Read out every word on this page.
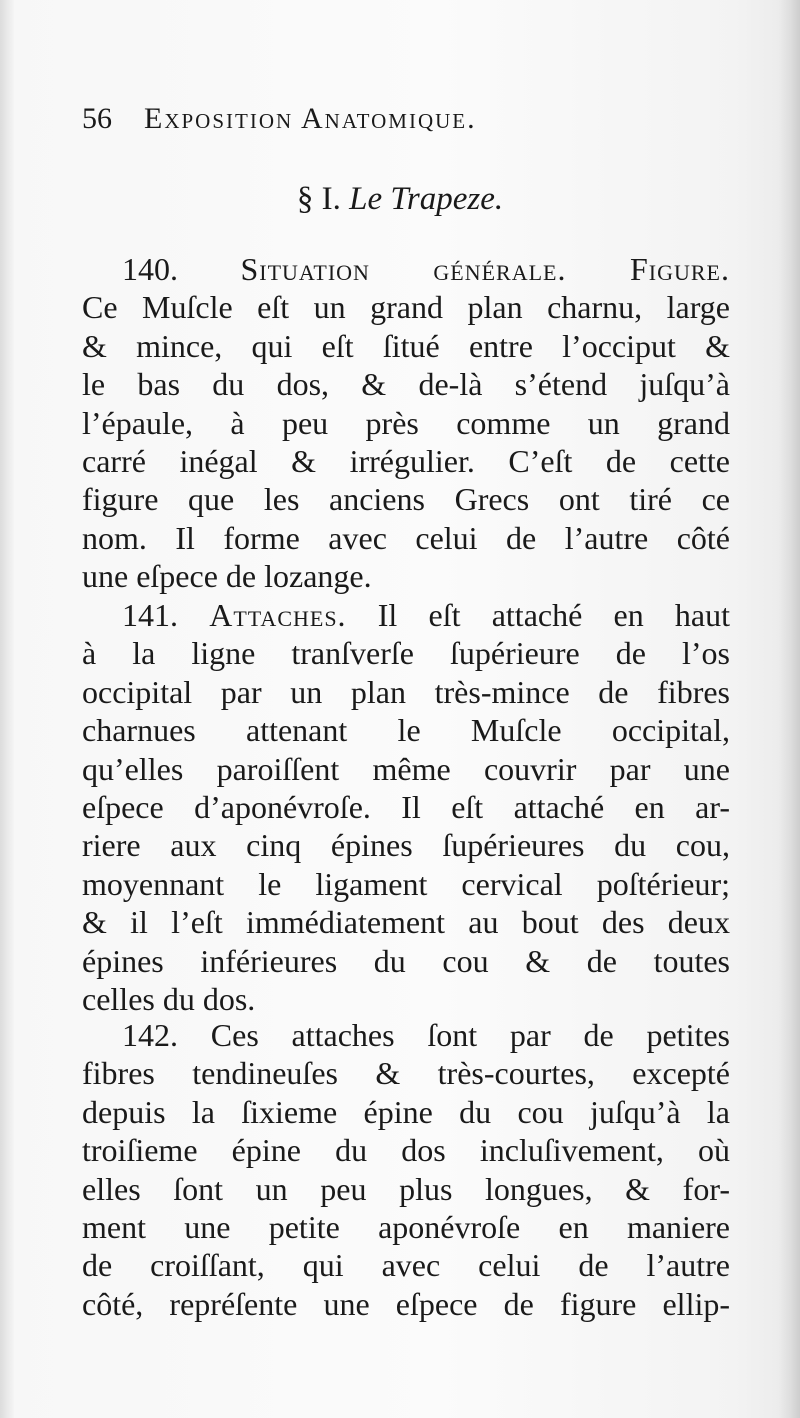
56 Exposition Anatomique.
§ I. Le Trapeze.
140. Situation générale. Figure.
Ce Muſcle eſt un grand plan charnu, large
& mince, qui eſt ſitué entre l’occiput &
le bas du dos, & de-là s’étend juſqu’à
l’épaule, à peu près comme un grand
carré inégal & irrégulier. C’eſt de cette
figure que les anciens Grecs ont tiré ce
nom. Il forme avec celui de l’autre côté
une eſpece de lozange.
141. Attaches. Il eſt attaché en haut
à la ligne tranſverſe ſupérieure de l’os
occipital par un plan très-mince de fibres
charnues attenant le Muſcle occipital,
qu’elles paroiſſent même couvrir par une
eſpece d’aponévroſe. Il eſt attaché en ar-
riere aux cinq épines ſupérieures du cou,
moyennant le ligament cervical poſtérieur;
& il l’eſt immédiatement au bout des deux
épines inférieures du cou & de toutes
celles du dos.
142. Ces attaches ſont par de petites
fibres tendineuſes & très-courtes, excepté
depuis la ſixieme épine du cou juſqu’à la
troiſieme épine du dos incluſivement, où
elles ſont un peu plus longues, & for-
ment une petite aponévroſe en maniere
de croiſſant, qui avec celui de l’autre
côté, repréſente une eſpece de figure ellip-
